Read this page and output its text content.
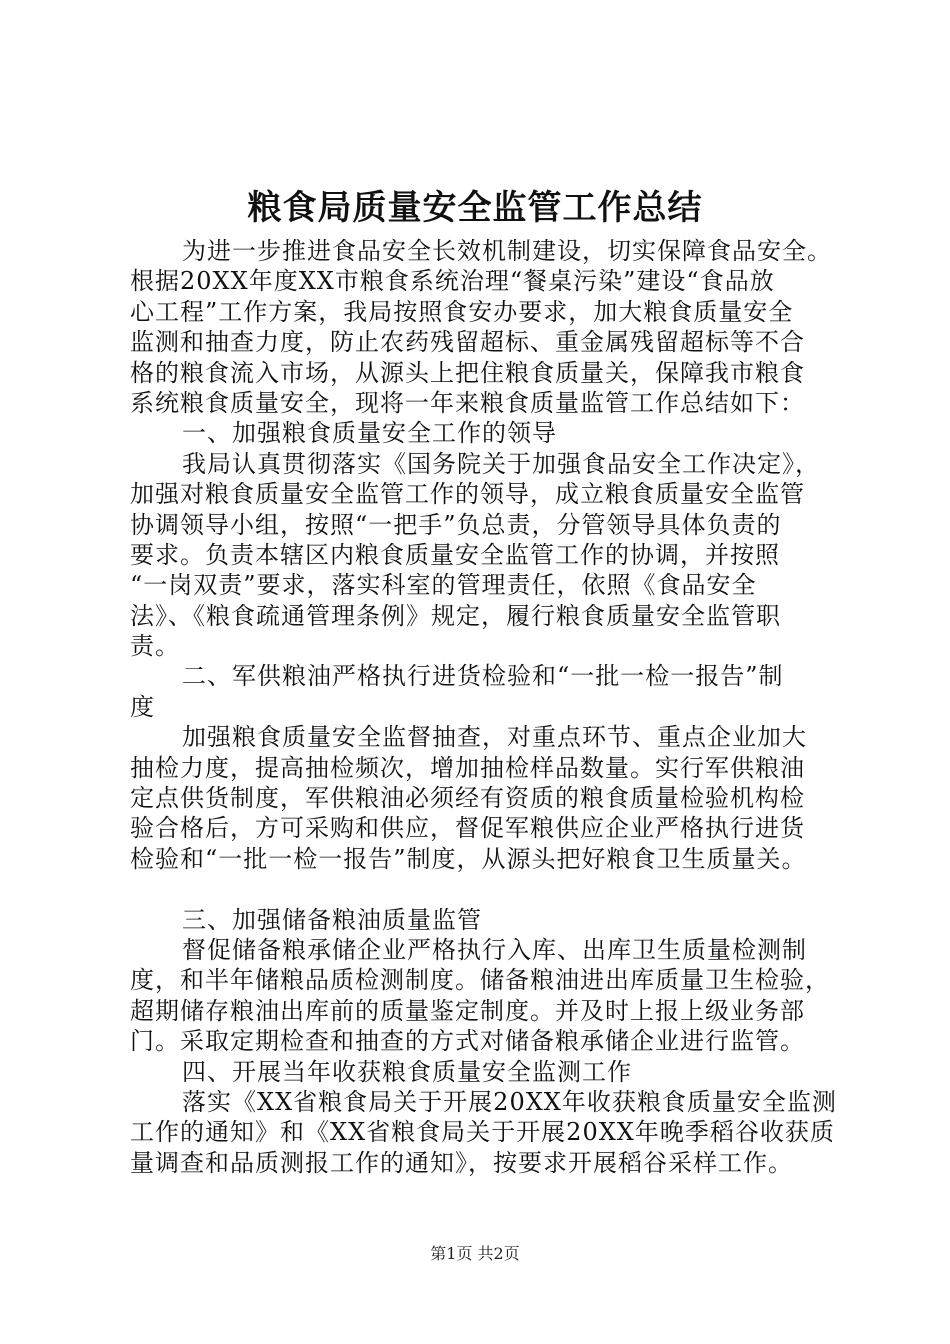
粮食局质量安全监管工作总结
为进一步推进食品安全长效机制建设，切实保障食品安全。
根据20XX年度XX市粮食系统治理“餐桌污染”建设“食品放
心工程”工作方案，我局按照食安办要求，加大粮食质量安全
监测和抽查力度，防止农药残留超标、重金属残留超标等不合
格的粮食流入市场，从源头上把住粮食质量关，保障我市粮食
系统粮食质量安全，现将一年来粮食质量监管工作总结如下：
一、加强粮食质量安全工作的领导
我局认真贯彻落实《国务院关于加强食品安全工作决定》，
加强对粮食质量安全监管工作的领导，成立粮食质量安全监管
协调领导小组，按照“一把手”负总责，分管领导具体负责的
要求。负责本辖区内粮食质量安全监管工作的协调，并按照
“一岗双责”要求，落实科室的管理责任，依照《食品安全
法》、《粮食疏通管理条例》规定，履行粮食质量安全监管职
责。
二、军供粮油严格执行进货检验和“一批一检一报告”制
度
加强粮食质量安全监督抽查，对重点环节、重点企业加大
抽检力度，提高抽检频次，增加抽检样品数量。实行军供粮油
定点供货制度，军供粮油必须经有资质的粮食质量检验机构检
验合格后，方可采购和供应，督促军粮供应企业严格执行进货
检验和“一批一检一报告”制度，从源头把好粮食卫生质量关。
三、加强储备粮油质量监管
督促储备粮承储企业严格执行入库、出库卫生质量检测制
度，和半年储粮品质检测制度。储备粮油进出库质量卫生检验，
超期储存粮油出库前的质量鉴定制度。并及时上报上级业务部
门。采取定期检查和抽查的方式对储备粮承储企业进行监管。
四、开展当年收获粮食质量安全监测工作
落实《XX省粮食局关于开展20XX年收获粮食质量安全监测
工作的通知》和《XX省粮食局关于开展20XX年晚季稻谷收获质
量调查和品质测报工作的通知》，按要求开展稻谷采样工作。
第1页 共2页
